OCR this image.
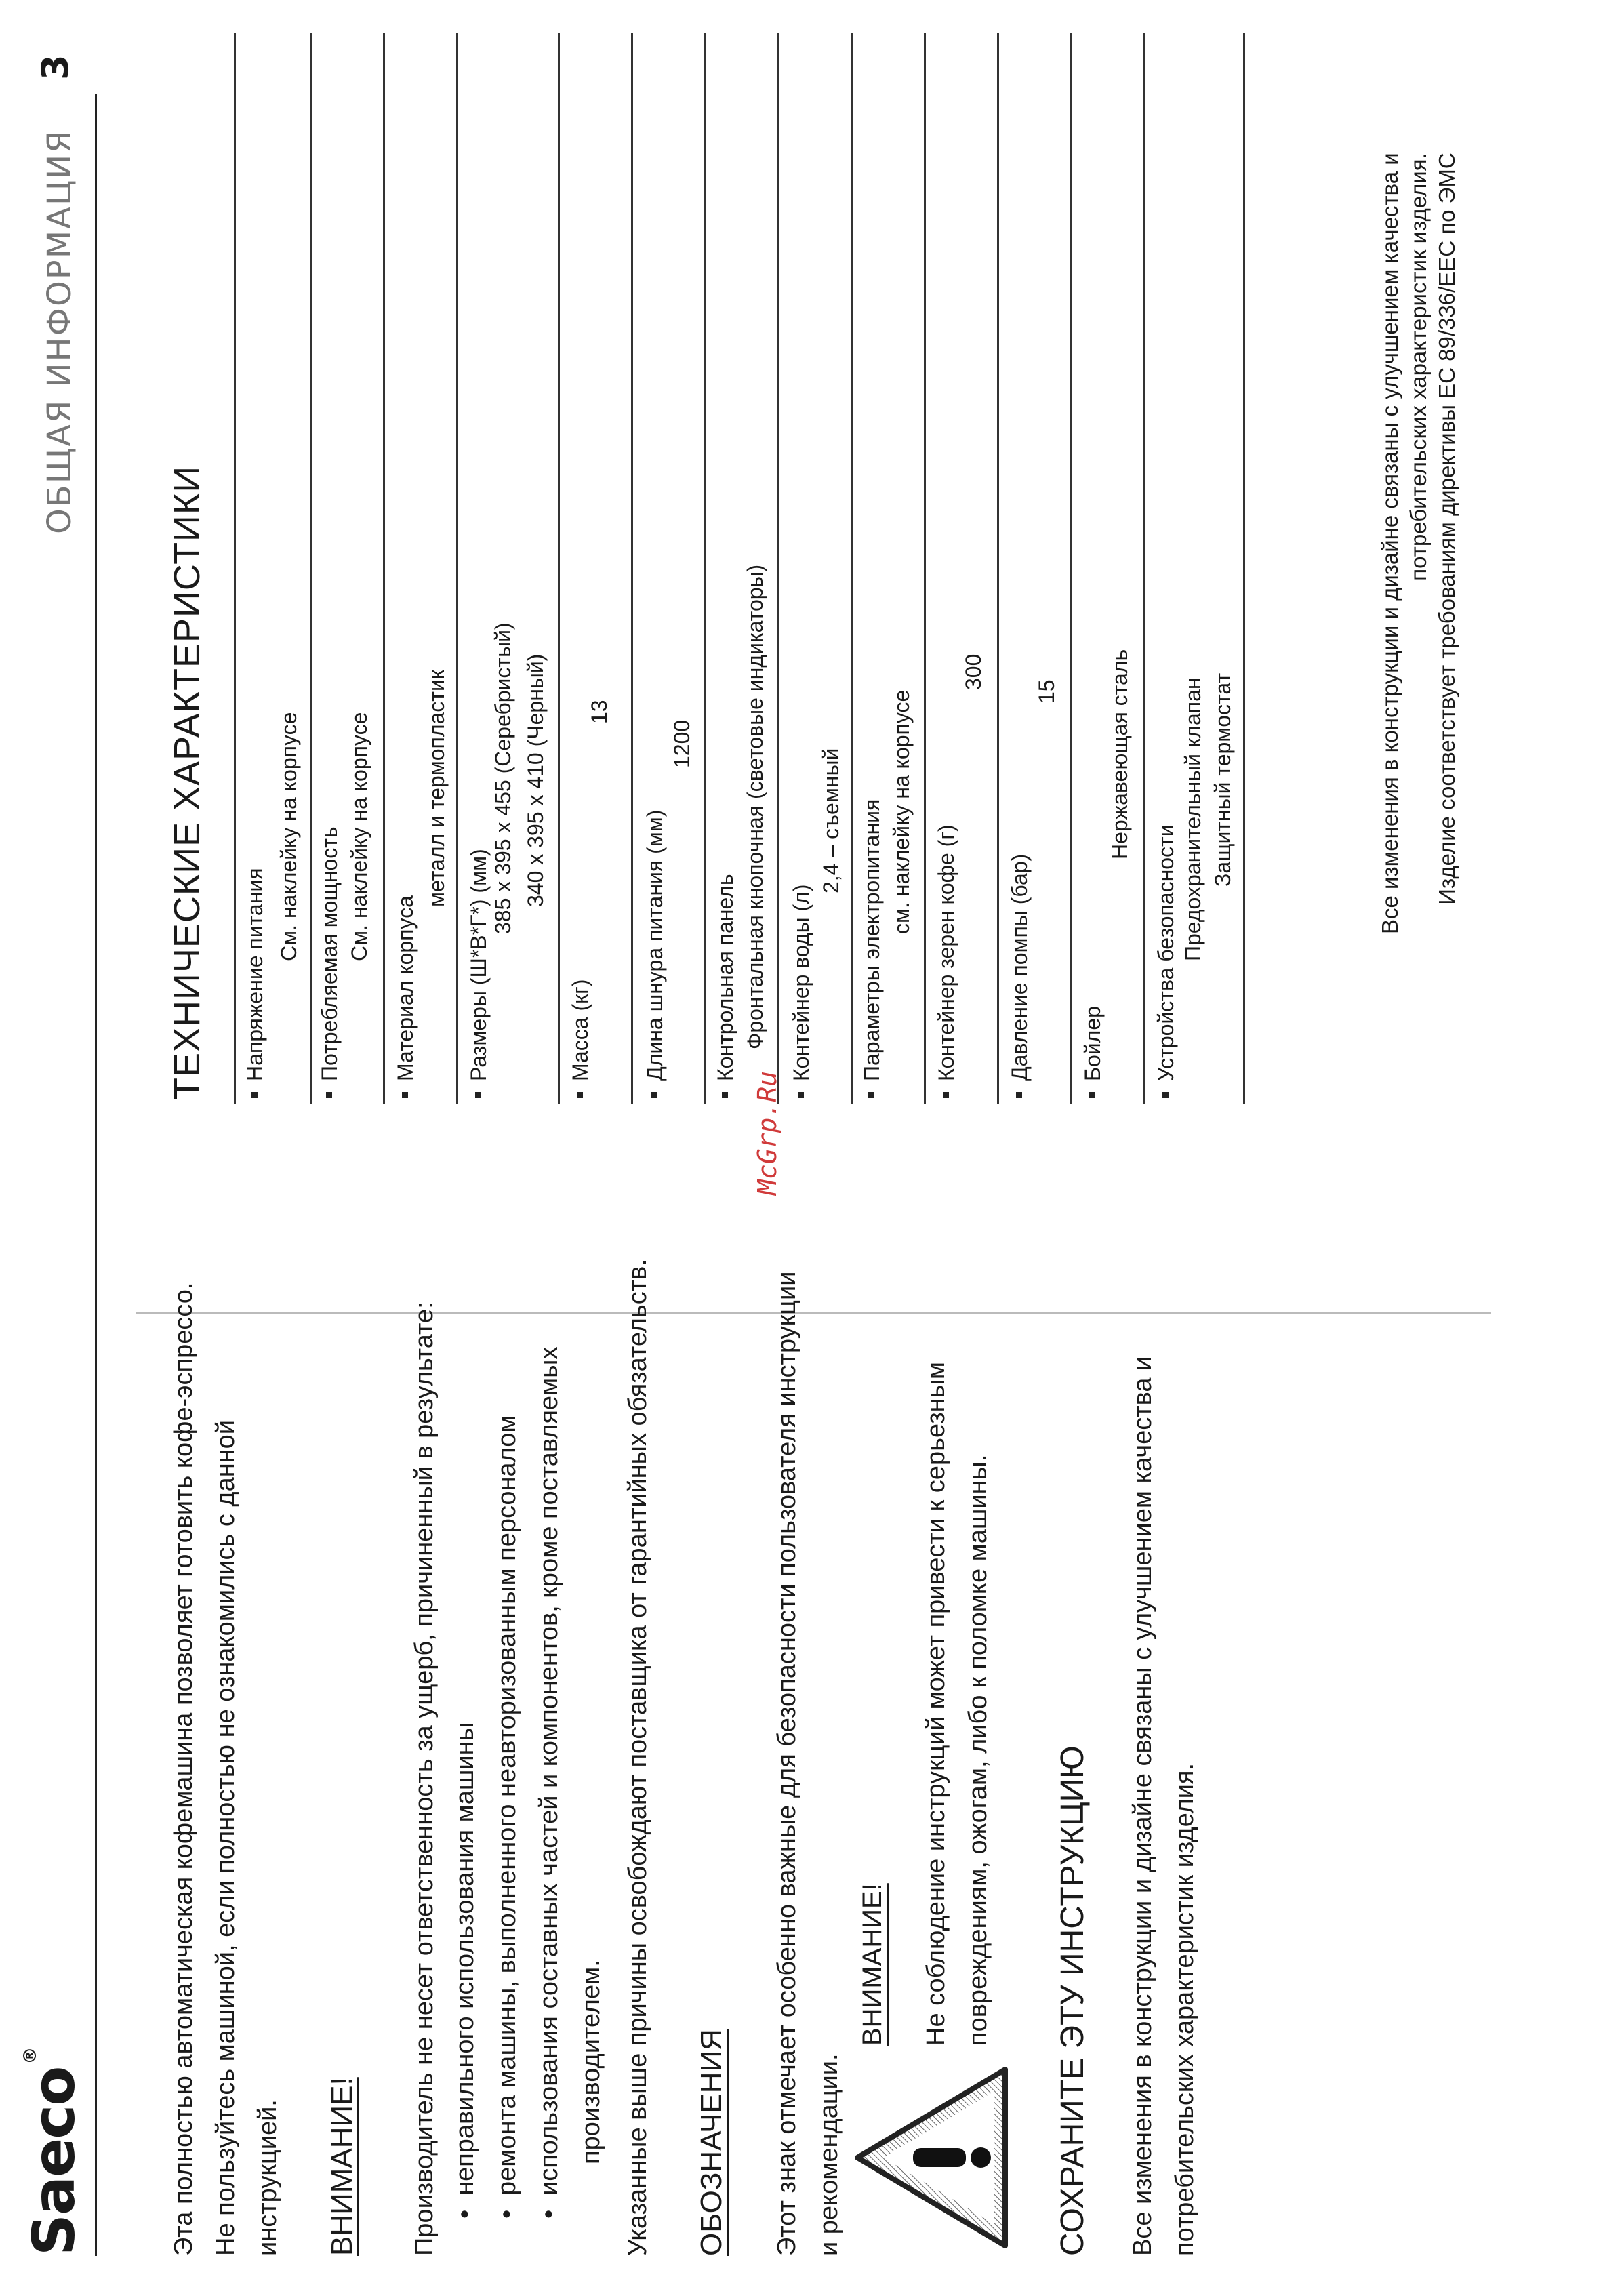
Saeco®
ОБЩАЯ ИНФОРМАЦИЯ
3
Эта полностью автоматическая кофемашина позволяет готовить кофе-эспрессо. Не пользуйтесь машиной, если полностью не ознакомились с данной инструкцией. ВНИМАНИЕ! Производитель не несет ответственность за ущерб, причиненный в результате: •неправильного использования машины
•ремонта машины, выполненного неавторизованным персоналом
•использования составных частей и компонентов, кроме поставляемых производителем. Указанные выше причины освобождают поставщика от гарантийных обязательств. ОБОЗНАЧЕНИЯ Этот знак отмечает особенно важные для безопасности пользователя инструкции и рекомендации.
ВНИМАНИЕ! Не соблюдение инструкций может привести к серьезным повреждениям, ожогам, либо к поломке машины. СОХРАНИТЕ ЭТУ ИНСТРУКЦИЮ Все изменения в конструкции и дизайне связаны с улучшением качества и потребительских характеристик изделия.
McGrp.Ru
ТЕХНИЧЕСКИЕ ХАРАКТЕРИСТИКИ Напряжение питания
См. наклейку на корпусе Потребляемая мощность См. наклейку на корпусе
Материал корпуса
металл и термопластик
Размеры (Ш*В*Г*) (мм)
385 х 395 х 455 (Серебристый) 340 х 395 х 410 (Черный)
Масса (кг)
13
Длина шнура питания (мм)
1200
Контрольная панель Фронтальная кнопочная (световые индикаторы) Контейнер воды (л)
2,4 – съемный Параметры электропитания см. наклейку на корпусе
Контейнер зерен кофе (г)
300
Давление помпы (бар)
15
Бойлер
Нержавеющая сталь
Устройства безопасности Предохранительный клапан Защитный термостат	Все изменения в конструкции и дизайне связаны с улучшением качества и потребительских характеристик изделия. Изделие соответствует требованиям директивы ЕС 89/336/ЕЕС по ЭМС
